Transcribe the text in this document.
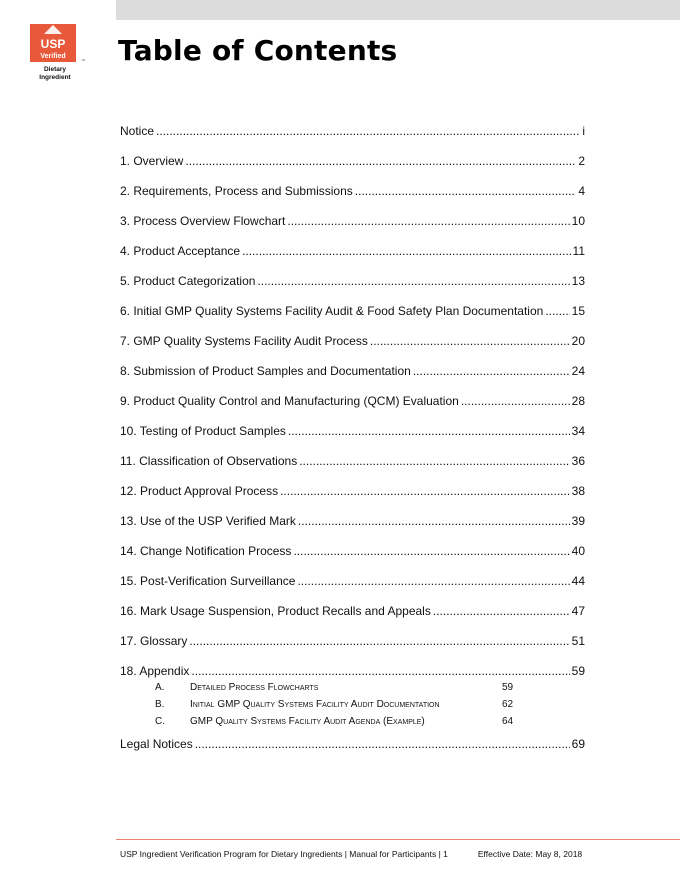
USP
Verified
™
Dietary
Ingredient
Table of Contents
Notice .....	i
1. Overview .....	2
2. Requirements, Process and Submissions .....	4
3. Process Overview Flowchart .....	10
4. Product Acceptance .....	11
5. Product Categorization .....	13
6. Initial GMP Quality Systems Facility Audit & Food Safety Plan Documentation ..... 15
7. GMP Quality Systems Facility Audit Process .....	20
8. Submission of Product Samples and Documentation .....	24
9. Product Quality Control and Manufacturing (QCM) Evaluation .....	28
10. Testing of Product Samples .....	34
11. Classification of Observations .....	36
12. Product Approval Process .....	38
13. Use of the USP Verified Mark .....	39
14. Change Notification Process .....	40
15. Post-Verification Surveillance .....	44
16. Mark Usage Suspension, Product Recalls and Appeals .....	47
17. Glossary .....	51
18. Appendix .....	59
A.	Detailed Process Flowcharts	59
B.	Initial GMP Quality Systems Facility Audit Documentation	62
C.	GMP Quality Systems Facility Audit Agenda (Example)	64
Legal Notices .....	69
USP Ingredient Verification Program for Dietary Ingredients | Manual for Participants | 1	Effective Date: May 8, 2018
